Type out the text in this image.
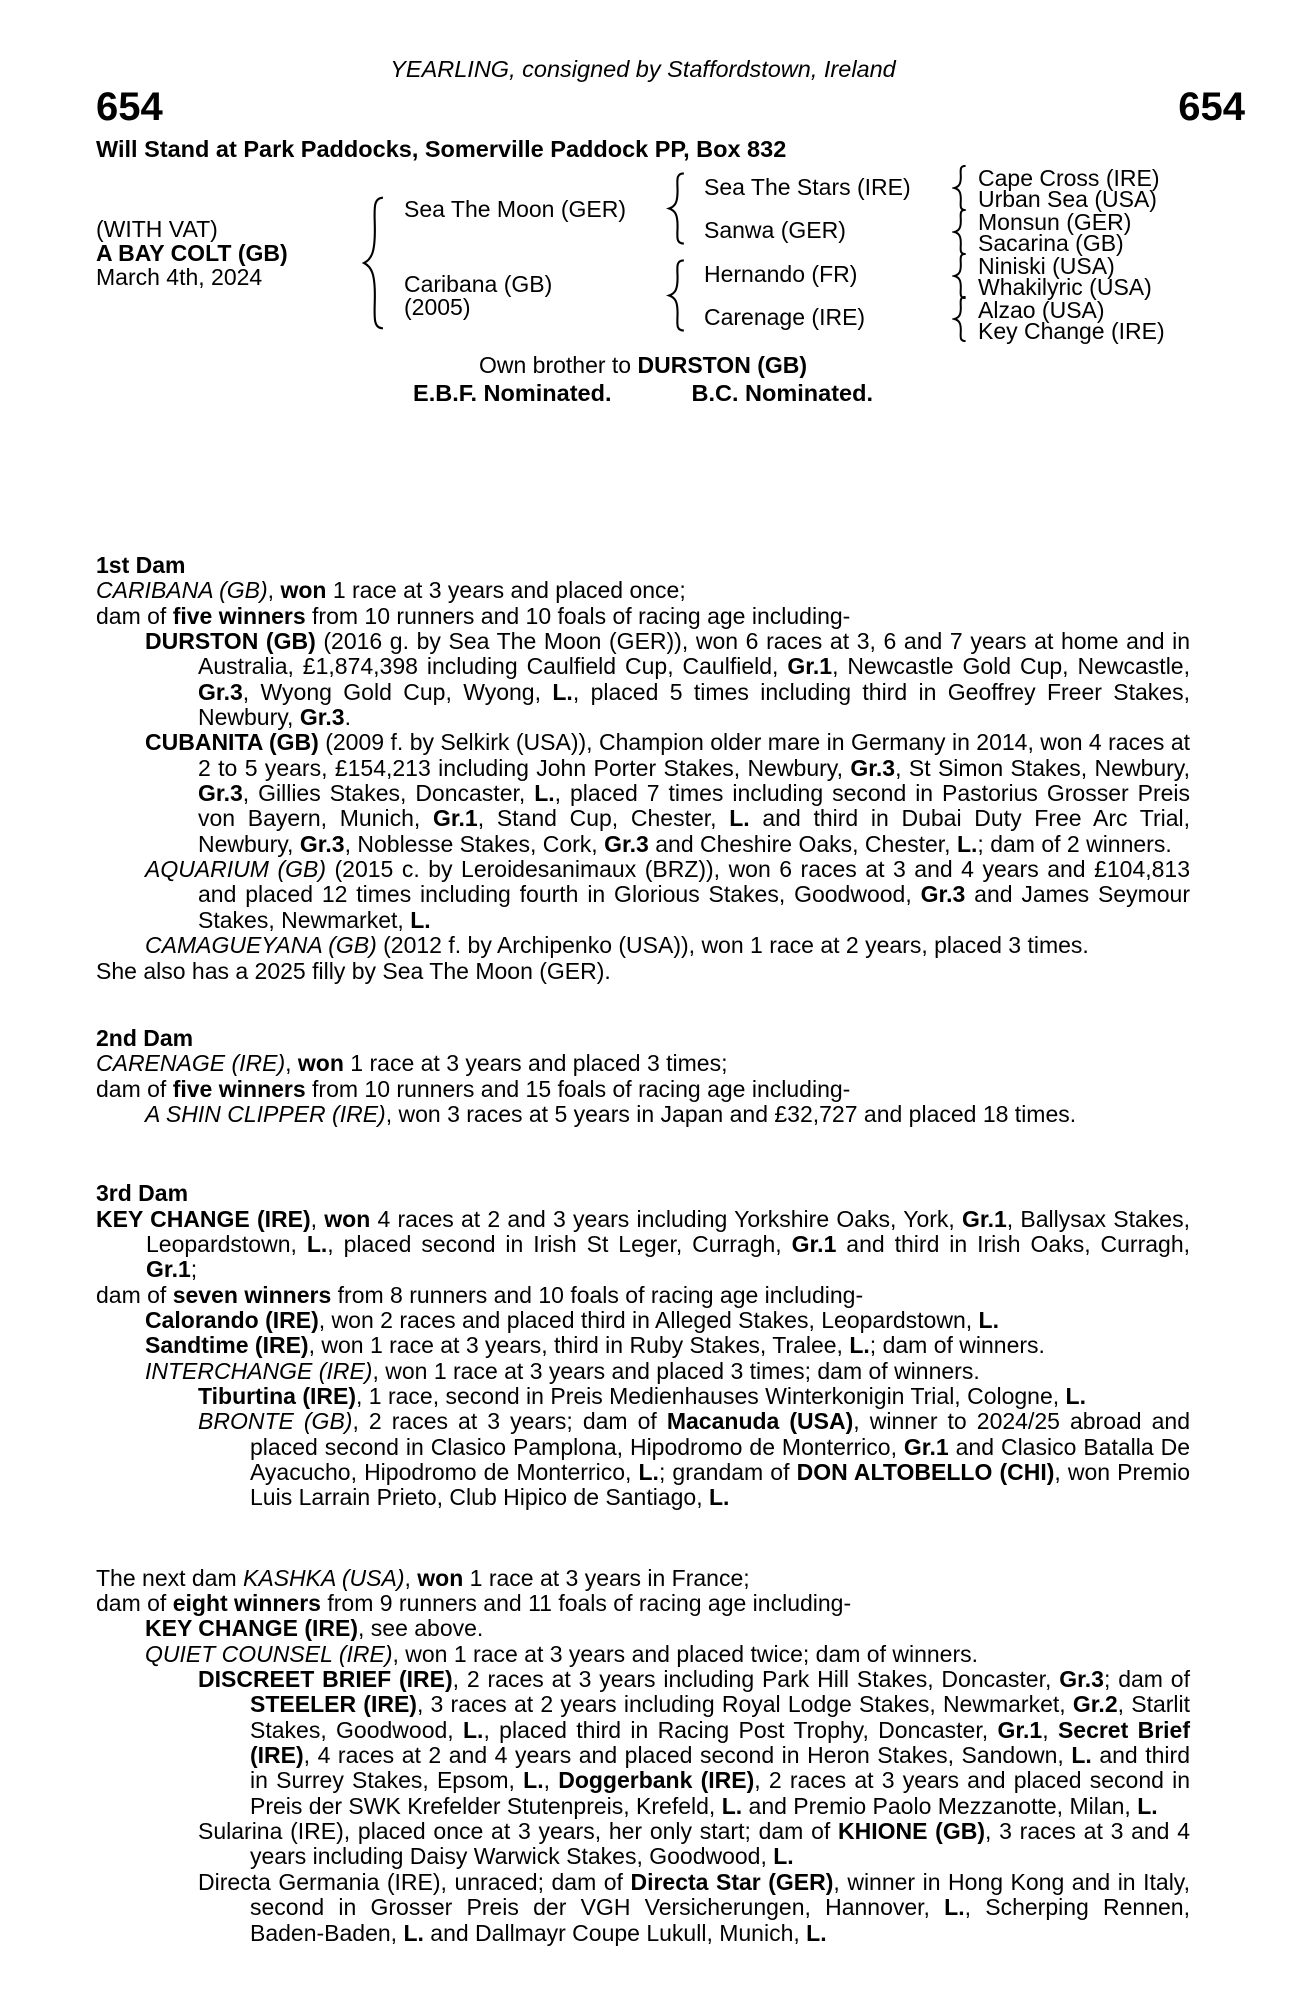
YEARLING, consigned by Staffordstown, Ireland
654	654
Will Stand at Park Paddocks, Somerville Paddock PP, Box 832
(WITH VAT)
A BAY COLT (GB)
March 4th, 2024
Sea The Moon (GER)
Caribana (GB)
(2005)
Sea The Stars (IRE)
Sanwa (GER)
Hernando (FR)
Carenage (IRE)
Cape Cross (IRE)
Urban Sea (USA)
Monsun (GER)
Sacarina (GB)
Niniski (USA)
Whakilyric (USA)
Alzao (USA)
Key Change (IRE)
Own brother to DURSTON (GB)
E.B.F. Nominated.	B.C. Nominated.

1st Dam

CARIBANA (GB), won 1 race at 3 years and placed once;

dam of five winners from 10 runners and 10 foals of racing age including-

DURSTON (GB) (2016 g. by Sea The Moon (GER)), won 6 races at 3, 6 and 7 years at home and in Australia, £1,874,398 including Caulfield Cup, Caulfield, Gr.1, Newcastle Gold Cup, Newcastle, Gr.3, Wyong Gold Cup, Wyong, L., placed 5 times including third in Geoffrey Freer Stakes, Newbury, Gr.3.

CUBANITA (GB) (2009 f. by Selkirk (USA)), Champion older mare in Germany in 2014, won 4 races at 2 to 5 years, £154,213 including John Porter Stakes, Newbury, Gr.3, St Simon Stakes, Newbury, Gr.3, Gillies Stakes, Doncaster, L., placed 7 times including second in Pastorius Grosser Preis von Bayern, Munich, Gr.1, Stand Cup, Chester, L. and third in Dubai Duty Free Arc Trial, Newbury, Gr.3, Noblesse Stakes, Cork, Gr.3 and Cheshire Oaks, Chester, L.; dam of 2 winners.

AQUARIUM (GB) (2015 c. by Leroidesanimaux (BRZ)), won 6 races at 3 and 4 years and £104,813 and placed 12 times including fourth in Glorious Stakes, Goodwood, Gr.3 and James Seymour Stakes, Newmarket, L.

CAMAGUEYANA (GB) (2012 f. by Archipenko (USA)), won 1 race at 2 years, placed 3 times.

She also has a 2025 filly by Sea The Moon (GER).

2nd Dam

CARENAGE (IRE), won 1 race at 3 years and placed 3 times;

dam of five winners from 10 runners and 15 foals of racing age including-

A SHIN CLIPPER (IRE), won 3 races at 5 years in Japan and £32,727 and placed 18 times.

3rd Dam

KEY CHANGE (IRE), won 4 races at 2 and 3 years including Yorkshire Oaks, York, Gr.1, Ballysax Stakes, Leopardstown, L., placed second in Irish St Leger, Curragh, Gr.1 and third in Irish Oaks, Curragh, Gr.1;

dam of seven winners from 8 runners and 10 foals of racing age including-

Calorando (IRE), won 2 races and placed third in Alleged Stakes, Leopardstown, L.

Sandtime (IRE), won 1 race at 3 years, third in Ruby Stakes, Tralee, L.; dam of winners.

INTERCHANGE (IRE), won 1 race at 3 years and placed 3 times; dam of winners.

Tiburtina (IRE), 1 race, second in Preis Medienhauses Winterkonigin Trial, Cologne, L.

BRONTE (GB), 2 races at 3 years; dam of Macanuda (USA), winner to 2024/25 abroad and placed second in Clasico Pamplona, Hipodromo de Monterrico, Gr.1 and Clasico Batalla De Ayacucho, Hipodromo de Monterrico, L.; grandam of DON ALTOBELLO (CHI), won Premio Luis Larrain Prieto, Club Hipico de Santiago, L.

The next dam KASHKA (USA), won 1 race at 3 years in France;

dam of eight winners from 9 runners and 11 foals of racing age including-

KEY CHANGE (IRE), see above.

QUIET COUNSEL (IRE), won 1 race at 3 years and placed twice; dam of winners.

DISCREET BRIEF (IRE), 2 races at 3 years including Park Hill Stakes, Doncaster, Gr.3; dam of STEELER (IRE), 3 races at 2 years including Royal Lodge Stakes, Newmarket, Gr.2, Starlit Stakes, Goodwood, L., placed third in Racing Post Trophy, Doncaster, Gr.1, Secret Brief (IRE), 4 races at 2 and 4 years and placed second in Heron Stakes, Sandown, L. and third in Surrey Stakes, Epsom, L., Doggerbank (IRE), 2 races at 3 years and placed second in Preis der SWK Krefelder Stutenpreis, Krefeld, L. and Premio Paolo Mezzanotte, Milan, L.

Sularina (IRE), placed once at 3 years, her only start; dam of KHIONE (GB), 3 races at 3 and 4 years including Daisy Warwick Stakes, Goodwood, L.

Directa Germania (IRE), unraced; dam of Directa Star (GER), winner in Hong Kong and in Italy, second in Grosser Preis der VGH Versicherungen, Hannover, L., Scherping Rennen, Baden-Baden, L. and Dallmayr Coupe Lukull, Munich, L.
